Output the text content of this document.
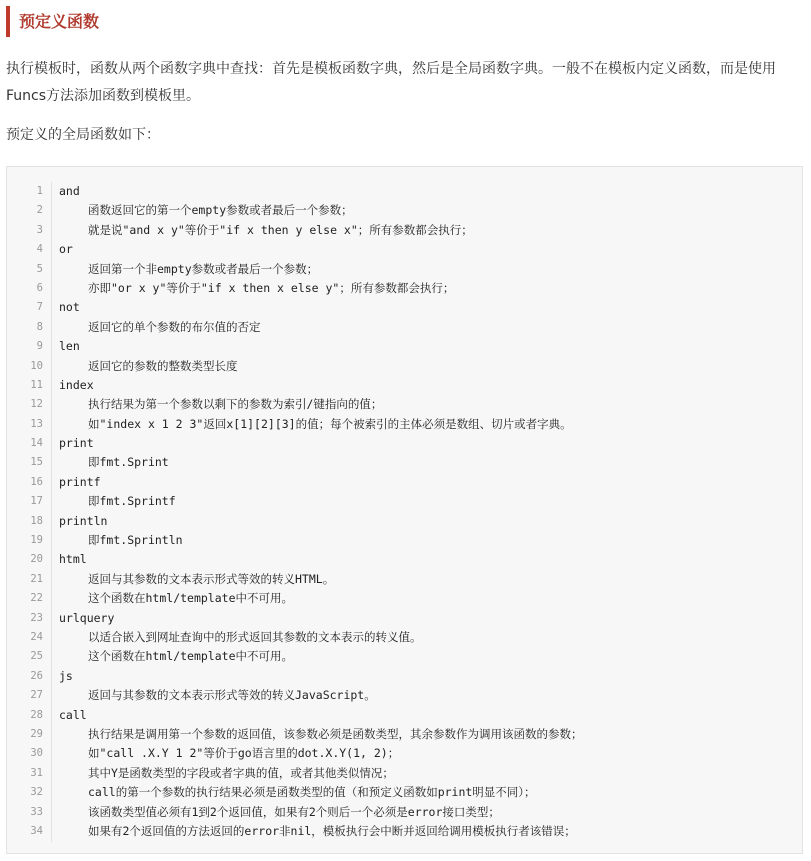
预定义函数
执行模板时，函数从两个函数字典中查找：首先是模板函数字典，然后是全局函数字典。一般不在模板内定义函数，而是使用Funcs方法添加函数到模板里。
预定义的全局函数如下：
1
2
3
4
5
6
7
8
9
10
11
12
13
14
15
16
17
18
19
20
21
22
23
24
25
26
27
28
29
30
31
32
33
34
and
函数返回它的第一个empty参数或者最后一个参数；
就是说"and x y"等价于"if x then y else x"；所有参数都会执行；
or
返回第一个非empty参数或者最后一个参数；
亦即"or x y"等价于"if x then x else y"；所有参数都会执行；
not
返回它的单个参数的布尔值的否定
len
返回它的参数的整数类型长度
index
执行结果为第一个参数以剩下的参数为索引/键指向的值；
如"index x 1 2 3"返回x[1][2][3]的值；每个被索引的主体必须是数组、切片或者字典。
print
即fmt.Sprint
printf
即fmt.Sprintf
println
即fmt.Sprintln
html
返回与其参数的文本表示形式等效的转义HTML。
这个函数在html/template中不可用。
urlquery
以适合嵌入到网址查询中的形式返回其参数的文本表示的转义值。
这个函数在html/template中不可用。
js
返回与其参数的文本表示形式等效的转义JavaScript。
call
执行结果是调用第一个参数的返回值，该参数必须是函数类型，其余参数作为调用该函数的参数；
如"call .X.Y 1 2"等价于go语言里的dot.X.Y(1, 2)；
其中Y是函数类型的字段或者字典的值，或者其他类似情况；
call的第一个参数的执行结果必须是函数类型的值（和预定义函数如print明显不同）；
该函数类型值必须有1到2个返回值，如果有2个则后一个必须是error接口类型；
如果有2个返回值的方法返回的error非nil，模板执行会中断并返回给调用模板执行者该错误；
